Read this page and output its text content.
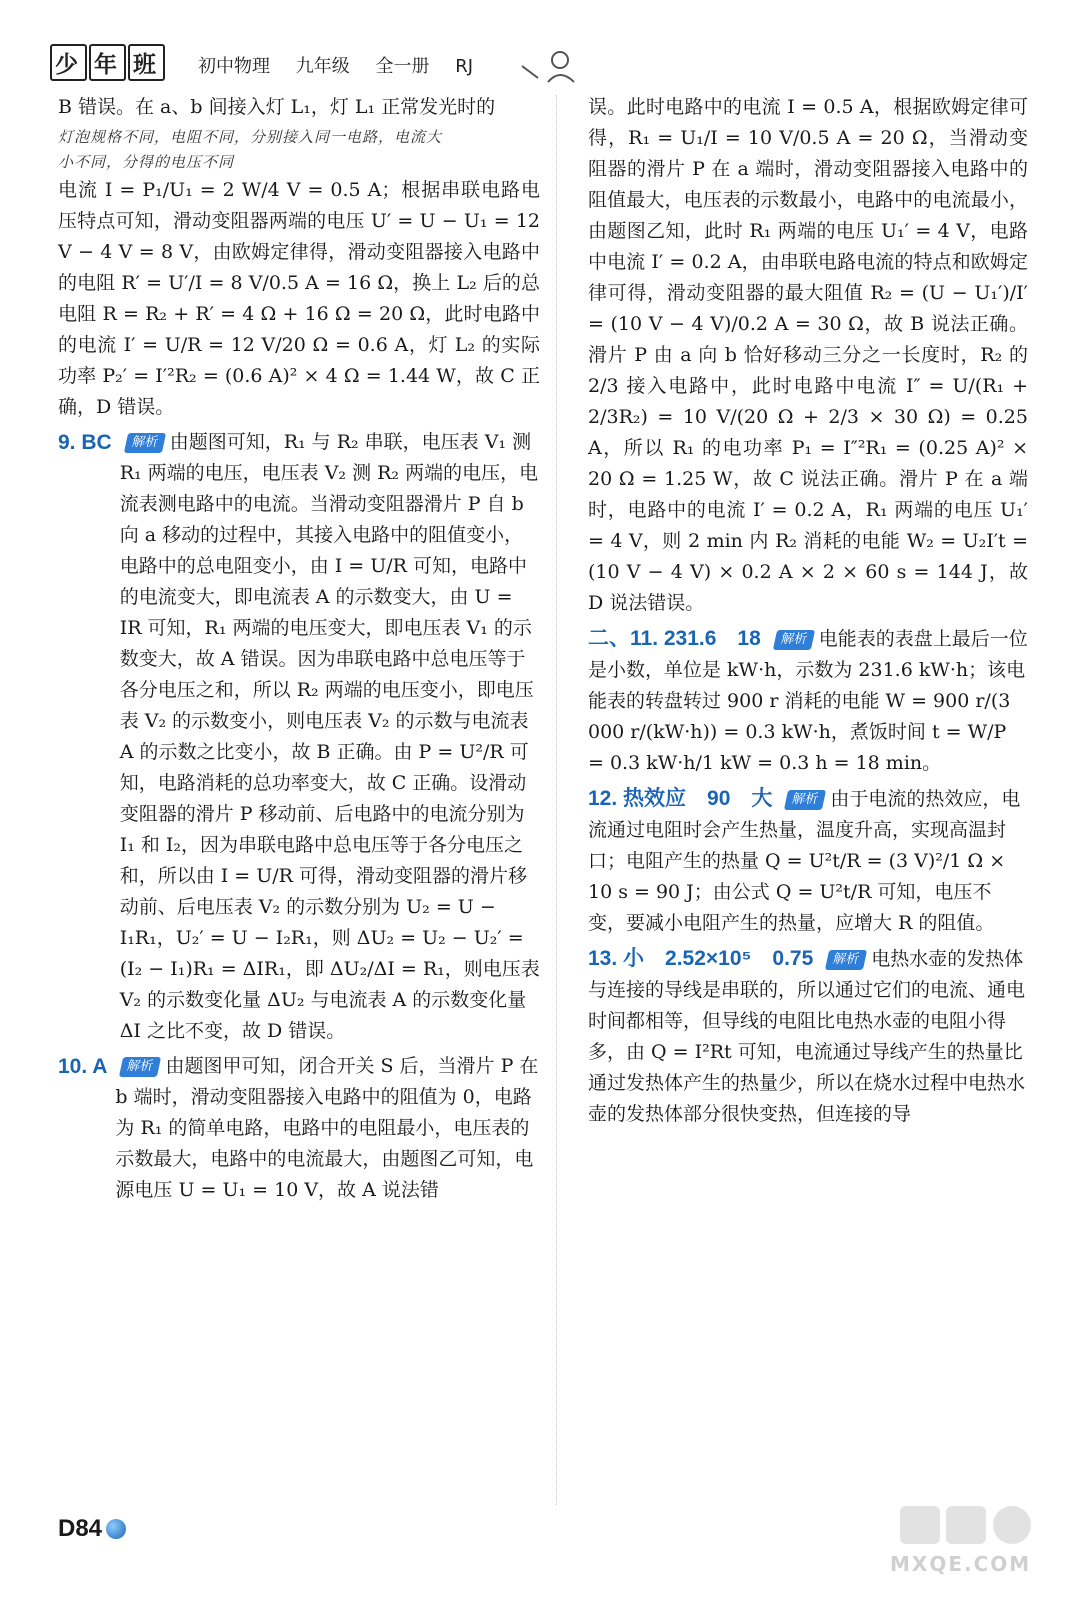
少 年 班	初中物理 九年级 全一册 RJ

B 错误。在 a、b 间接入灯 L₁，灯 L₁ 正常发光时的

灯泡规格不同，电阻不同，分别接入同一电路，电流大
小不同，分得的电压不同

电流 I = P₁/U₁ = 2 W/4 V = 0.5 A；根据串联电路电压特点可知，滑动变阻器两端的电压 U′ = U − U₁ = 12 V − 4 V = 8 V，由欧姆定律得，滑动变阻器接入电路中的电阻 R′ = U′/I = 8 V/0.5 A = 16 Ω，换上 L₂ 后的总电阻 R = R₂ + R′ = 4 Ω + 16 Ω = 20 Ω，此时电路中的电流 I′ = U/R = 12 V/20 Ω = 0.6 A，灯 L₂ 的实际功率 P₂′ = I′²R₂ = (0.6 A)² × 4 Ω = 1.44 W，故 C 正确，D 错误。

9. BC	解析 由题图可知，R₁ 与 R₂ 串联，电压表 V₁ 测 R₁ 两端的电压，电压表 V₂ 测 R₂ 两端的电压，电流表测电路中的电流。当滑动变阻器滑片 P 自 b 向 a 移动的过程中，其接入电路中的阻值变小，电路中的总电阻变小，由 I = U/R 可知，电路中的电流变大，即电流表 A 的示数变大，由 U = IR 可知，R₁ 两端的电压变大，即电压表 V₁ 的示数变大，故 A 错误。因为串联电路中总电压等于各分电压之和，所以 R₂ 两端的电压变小，即电压表 V₂ 的示数变小，则电压表 V₂ 的示数与电流表 A 的示数之比变小，故 B 正确。由 P = U²/R 可知，电路消耗的总功率变大，故 C 正确。设滑动变阻器的滑片 P 移动前、后电路中的电流分别为 I₁ 和 I₂，因为串联电路中总电压等于各分电压之和，所以由 I = U/R 可得，滑动变阻器的滑片移动前、后电压表 V₂ 的示数分别为 U₂ = U − I₁R₁，U₂′ = U − I₂R₁，则 ΔU₂ = U₂ − U₂′ = (I₂ − I₁)R₁ = ΔIR₁，即 ΔU₂/ΔI = R₁，则电压表 V₂ 的示数变化量 ΔU₂ 与电流表 A 的示数变化量 ΔI 之比不变，故 D 错误。
10. A	解析 由题图甲可知，闭合开关 S 后，当滑片 P 在 b 端时，滑动变阻器接入电路中的阻值为 0，电路为 R₁ 的简单电路，电路中的电阻最小，电压表的示数最大，电路中的电流最大，由题图乙可知，电源电压 U = U₁ = 10 V，故 A 说法错

误。此时电路中的电流 I = 0.5 A，根据欧姆定律可得，R₁ = U₁/I = 10 V/0.5 A = 20 Ω，当滑动变阻器的滑片 P 在 a 端时，滑动变阻器接入电路中的阻值最大，电压表的示数最小，电路中的电流最小，由题图乙知，此时 R₁ 两端的电压 U₁′ = 4 V，电路中电流 I′ = 0.2 A，由串联电路电流的特点和欧姆定律可得，滑动变阻器的最大阻值 R₂ = (U − U₁′)/I′ = (10 V − 4 V)/0.2 A = 30 Ω，故 B 说法正确。滑片 P 由 a 向 b 恰好移动三分之一长度时，R₂ 的 2/3 接入电路中，此时电路中电流 I″ = U/(R₁ + 2/3R₂) = 10 V/(20 Ω + 2/3 × 30 Ω) = 0.25 A，所以 R₁ 的电功率 P₁ = I″²R₁ = (0.25 A)² × 20 Ω = 1.25 W，故 C 说法正确。滑片 P 在 a 端时，电路中的电流 I′ = 0.2 A，R₁ 两端的电压 U₁′ = 4 V，则 2 min 内 R₂ 消耗的电能 W₂ = U₂I′t = (10 V − 4 V) × 0.2 A × 2 × 60 s = 144 J，故 D 说法错误。

二、11. 231.6　18 解析 电能表的表盘上最后一位是小数，单位是 kW·h，示数为 231.6 kW·h；该电能表的转盘转过 900 r 消耗的电能 W = 900 r/(3 000 r/(kW·h)) = 0.3 kW·h，煮饭时间 t = W/P = 0.3 kW·h/1 kW = 0.3 h = 18 min。
12. 热效应　90　大 解析 由于电流的热效应，电流通过电阻时会产生热量，温度升高，实现高温封口；电阻产生的热量 Q = U²t/R = (3 V)²/1 Ω × 10 s = 90 J；由公式 Q = U²t/R 可知，电压不变，要减小电阻产生的热量，应增大 R 的阻值。
13. 小　2.52×10⁵　0.75 解析 电热水壶的发热体与连接的导线是串联的，所以通过它们的电流、通电时间都相等，但导线的电阻比电热水壶的电阻小得多，由 Q = I²Rt 可知，电流通过导线产生的热量比通过发热体产生的热量少，所以在烧水过程中电热水壶的发热体部分很快变热，但连接的导
D84
MXQE.COM
